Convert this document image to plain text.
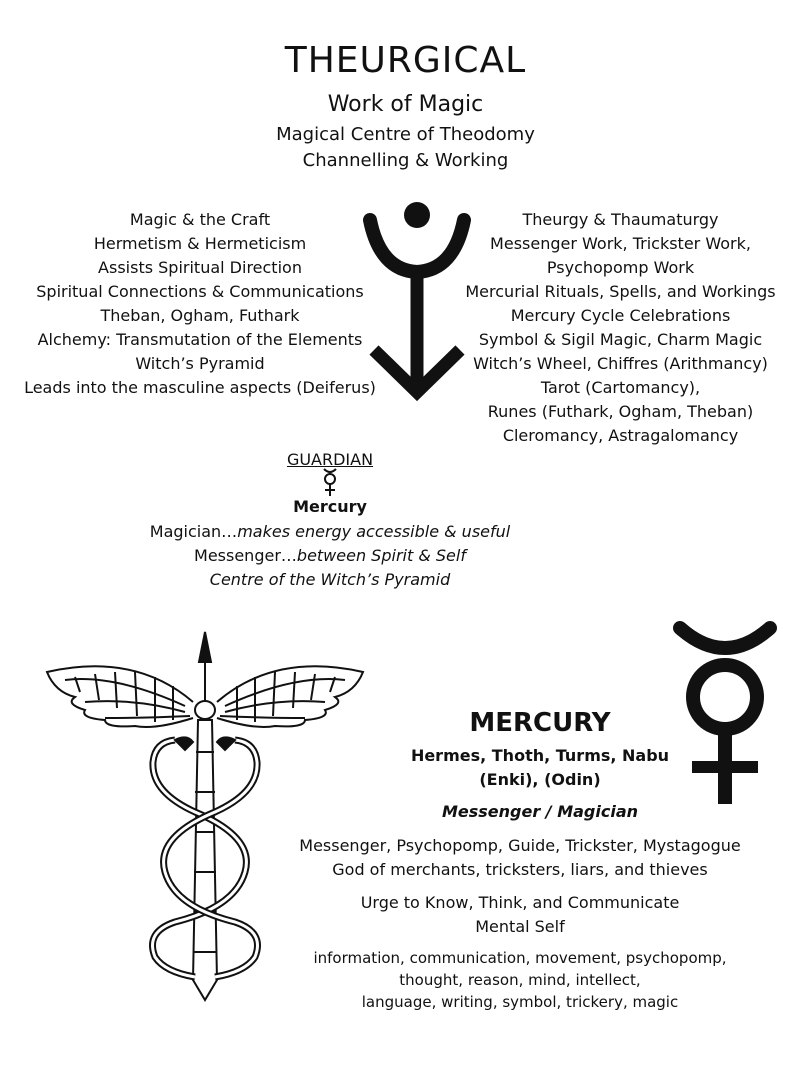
THEURGICAL
Work of Magic
Magical Centre of Theodomy
Channelling & Working
Magic & the Craft
Hermetism & Hermeticism
Assists Spiritual Direction
Spiritual Connections & Communications
Theban, Ogham, Futhark
Alchemy: Transmutation of the Elements
Witch’s Pyramid
Leads into the masculine aspects (Deiferus)
Theurgy & Thaumaturgy
Messenger Work, Trickster Work,
Psychopomp Work
Mercurial Rituals, Spells, and Workings
Mercury Cycle Celebrations
Symbol & Sigil Magic, Charm Magic
Witch’s Wheel, Chiffres (Arithmancy)
Tarot (Cartomancy),
Runes (Futhark, Ogham, Theban)
Cleromancy, Astragalomancy
GUARDIAN
Mercury
Magician…makes energy accessible & useful
Messenger…between Spirit & Self
Centre of the Witch’s Pyramid
MERCURY
Hermes, Thoth, Turms, Nabu
(Enki), (Odin)
Messenger / Magician
Messenger, Psychopomp, Guide, Trickster, Mystagogue
God of merchants, tricksters, liars, and thieves
Urge to Know, Think, and Communicate
Mental Self
information, communication, movement, psychopomp,
thought, reason, mind, intellect,
language, writing, symbol, trickery, magic
